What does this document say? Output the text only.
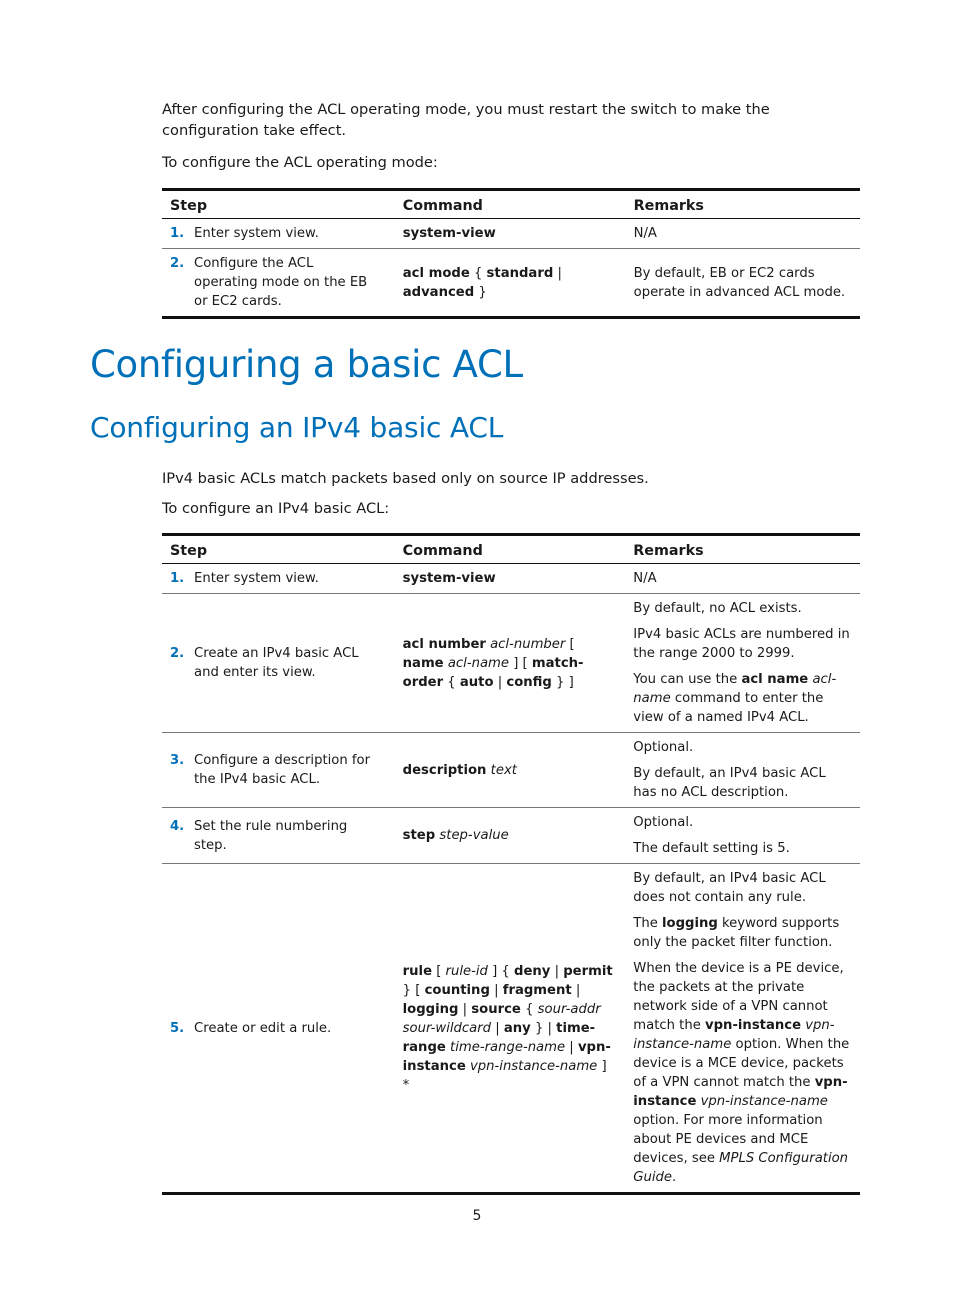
After configuring the ACL operating mode, you must restart the switch to make the configuration take effect.

To configure the ACL operating mode:

Step	Command	Remarks
1. Enter system view.	system-view	N/A
2. Configure the ACL operating mode on the EB or EC2 cards.	acl mode { standard | advanced }	By default, EB or EC2 cards operate in advanced ACL mode.
Configuring a basic ACL
Configuring an IPv4 basic ACL

IPv4 basic ACLs match packets based only on source IP addresses.

To configure an IPv4 basic ACL:

Step	Command	Remarks
1. Enter system view.	system-view	N/A

2. Create an IPv4 basic ACL and enter its view.	acl number acl-number [ name acl-name ] [ match-order { auto | config } ]	By default, no ACL exists.

IPv4 basic ACLs are numbered in the range 2000 to 2999.

You can use the acl name acl-name command to enter the view of a named IPv4 ACL.

3. Configure a description for the IPv4 basic ACL.	description text	Optional.

By default, an IPv4 basic ACL has no ACL description.

4. Set the rule numbering step.	step step-value	Optional.

The default setting is 5.

5. Create or edit a rule.	rule [ rule-id ] { deny | permit } [ counting | fragment | logging | source { sour-addr sour-wildcard | any } | time-range time-range-name | vpn-instance vpn-instance-name ] *	By default, an IPv4 basic ACL does not contain any rule.

The logging keyword supports only the packet filter function.

When the device is a PE device, the packets at the private network side of a VPN cannot match the vpn-instance vpn-instance-name option. When the device is a MCE device, packets of a VPN cannot match the vpn-instance vpn-instance-name option. For more information about PE devices and MCE devices, see MPLS Configuration Guide.

5
